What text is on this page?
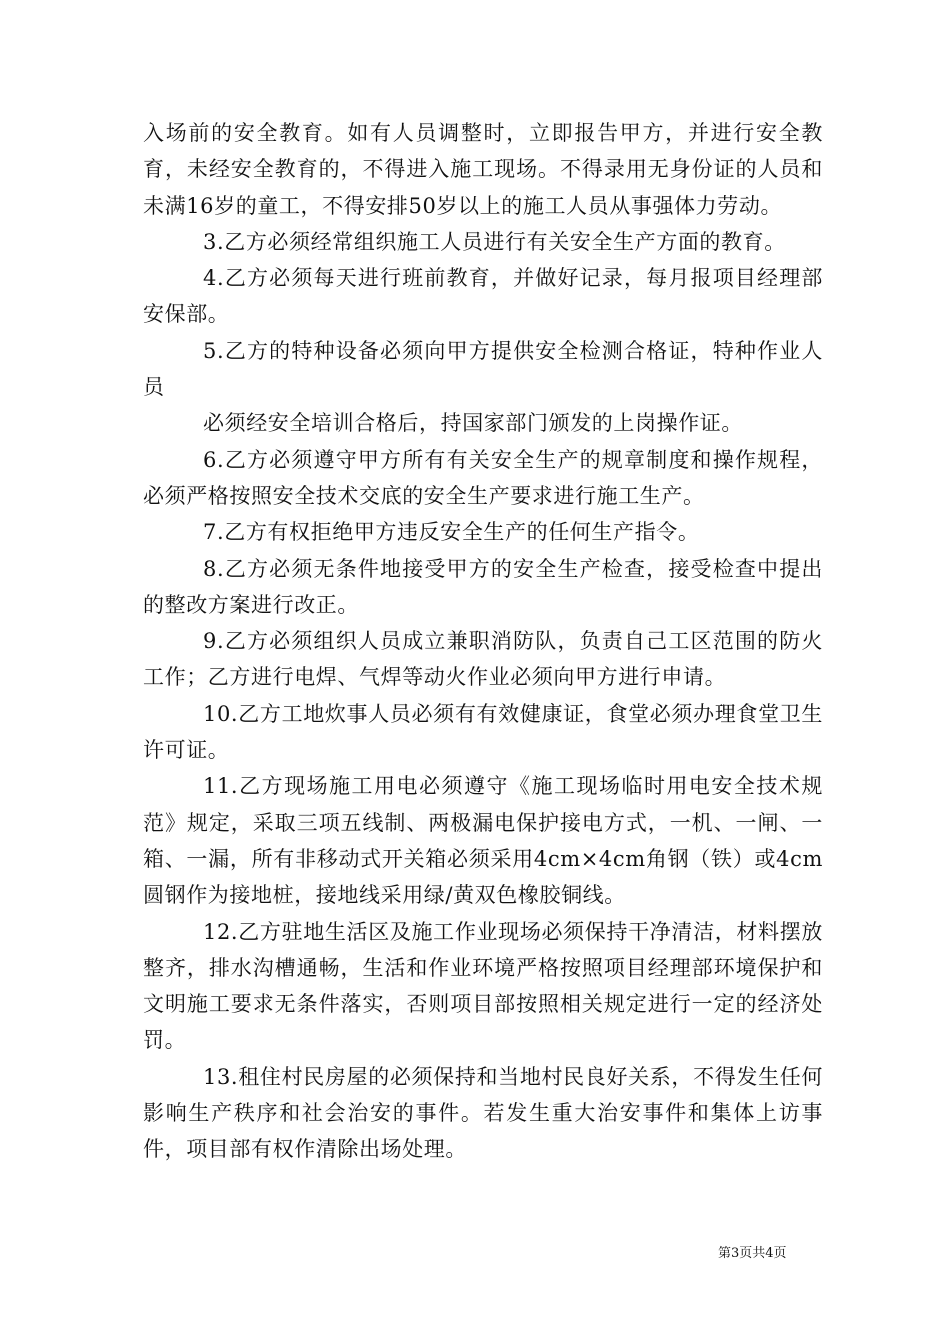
入场前的安全教育。如有人员调整时，立即报告甲方，并进行安全教育，未经安全教育的，不得进入施工现场。不得录用无身份证的人员和未满16岁的童工，不得安排50岁以上的施工人员从事强体力劳动。

3.乙方必须经常组织施工人员进行有关安全生产方面的教育。

4.乙方必须每天进行班前教育，并做好记录，每月报项目经理部安保部。

5.乙方的特种设备必须向甲方提供安全检测合格证，特种作业人员

必须经安全培训合格后，持国家部门颁发的上岗操作证。

6.乙方必须遵守甲方所有有关安全生产的规章制度和操作规程，必须严格按照安全技术交底的安全生产要求进行施工生产。

7.乙方有权拒绝甲方违反安全生产的任何生产指令。

8.乙方必须无条件地接受甲方的安全生产检查，接受检查中提出的整改方案进行改正。

9.乙方必须组织人员成立兼职消防队，负责自己工区范围的防火工作；乙方进行电焊、气焊等动火作业必须向甲方进行申请。

10.乙方工地炊事人员必须有有效健康证，食堂必须办理食堂卫生许可证。

11.乙方现场施工用电必须遵守《施工现场临时用电安全技术规范》规定，采取三项五线制、两极漏电保护接电方式，一机、一闸、一箱、一漏，所有非移动式开关箱必须采用4cm×4cm角钢（铁）或4cm圆钢作为接地桩，接地线采用绿/黄双色橡胶铜线。

12.乙方驻地生活区及施工作业现场必须保持干净清洁，材料摆放整齐，排水沟槽通畅，生活和作业环境严格按照项目经理部环境保护和文明施工要求无条件落实，否则项目部按照相关规定进行一定的经济处罚。

13.租住村民房屋的必须保持和当地村民良好关系，不得发生任何影响生产秩序和社会治安的事件。若发生重大治安事件和集体上访事件，项目部有权作清除出场处理。

第3页共4页
